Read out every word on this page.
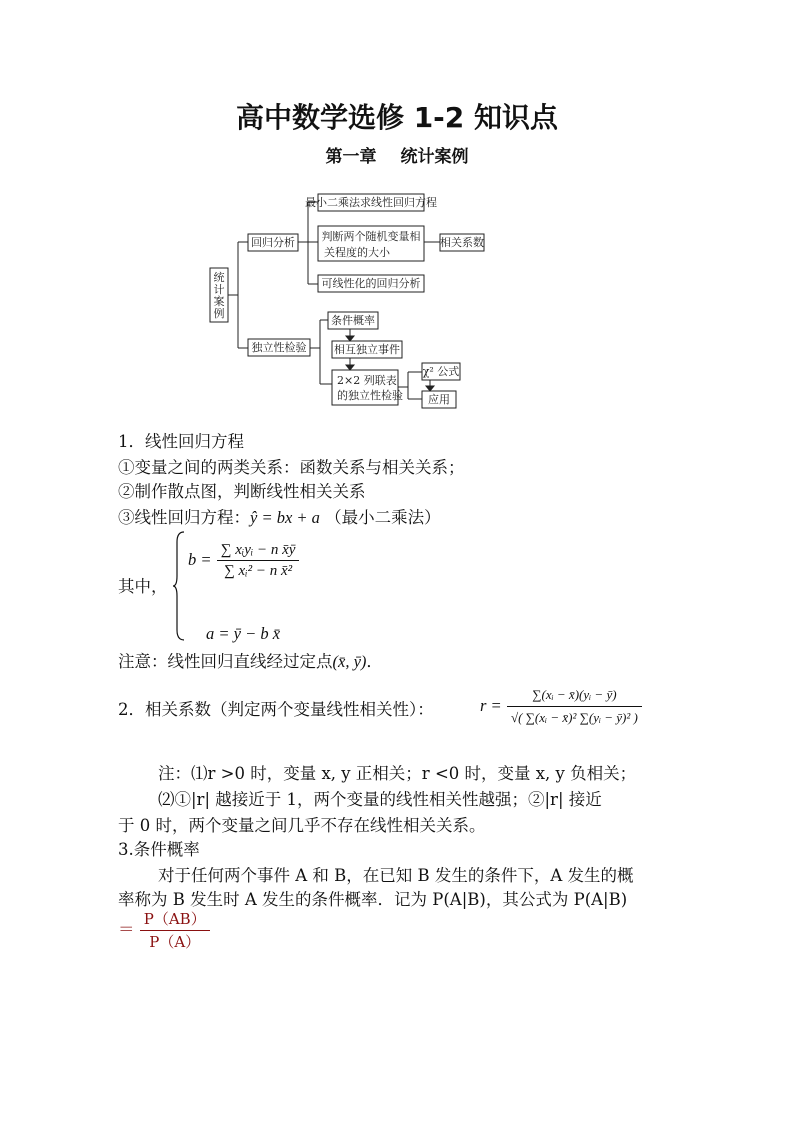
高中数学选修 1-2 知识点
第一章 统计案例
统
计
案
例
回归分析
最小二乘法求线性回归方程
判断两个随机变量相
关程度的大小
相关系数
可线性化的回归分析
独立性检验
条件概率
相互独立事件
2×2 列联表
的独立性检验
χ² 公式
应用
1．线性回归方程
①变量之间的两类关系：函数关系与相关关系；
②制作散点图，判断线性相关关系
③线性回归方程：ŷ = bx + a （最小二乘法）
其中，
$b = \frac{\text{∑ xᵢyᵢ − n x̄ȳ}}{\text{∑ xᵢ² − n x̄²}}$
a = ȳ − b x̄
注意：线性回归直线经过定点(x̄, ȳ)．
2．相关系数（判定两个变量线性相关性）：	$r = \frac{\text{∑(xᵢ − x̄)(yᵢ − ȳ)}}{\text{√( ∑(xᵢ − x̄)² ∑(yᵢ − ȳ)² )}}$
注：⑴r >0 时，变量 x, y 正相关；r <0 时，变量 x, y 负相关；
⑵①|r| 越接近于 1，两个变量的线性相关性越强；②|r| 接近
于 0 时，两个变量之间几乎不存在线性相关关系。
3.条件概率
对于任何两个事件 A 和 B，在已知 B 发生的条件下，A 发生的概
率称为 B 发生时 A 发生的条件概率．记为 P(A|B)，其公式为 P(A|B)
＝ $\frac{P(AB)}{P(A)}$
